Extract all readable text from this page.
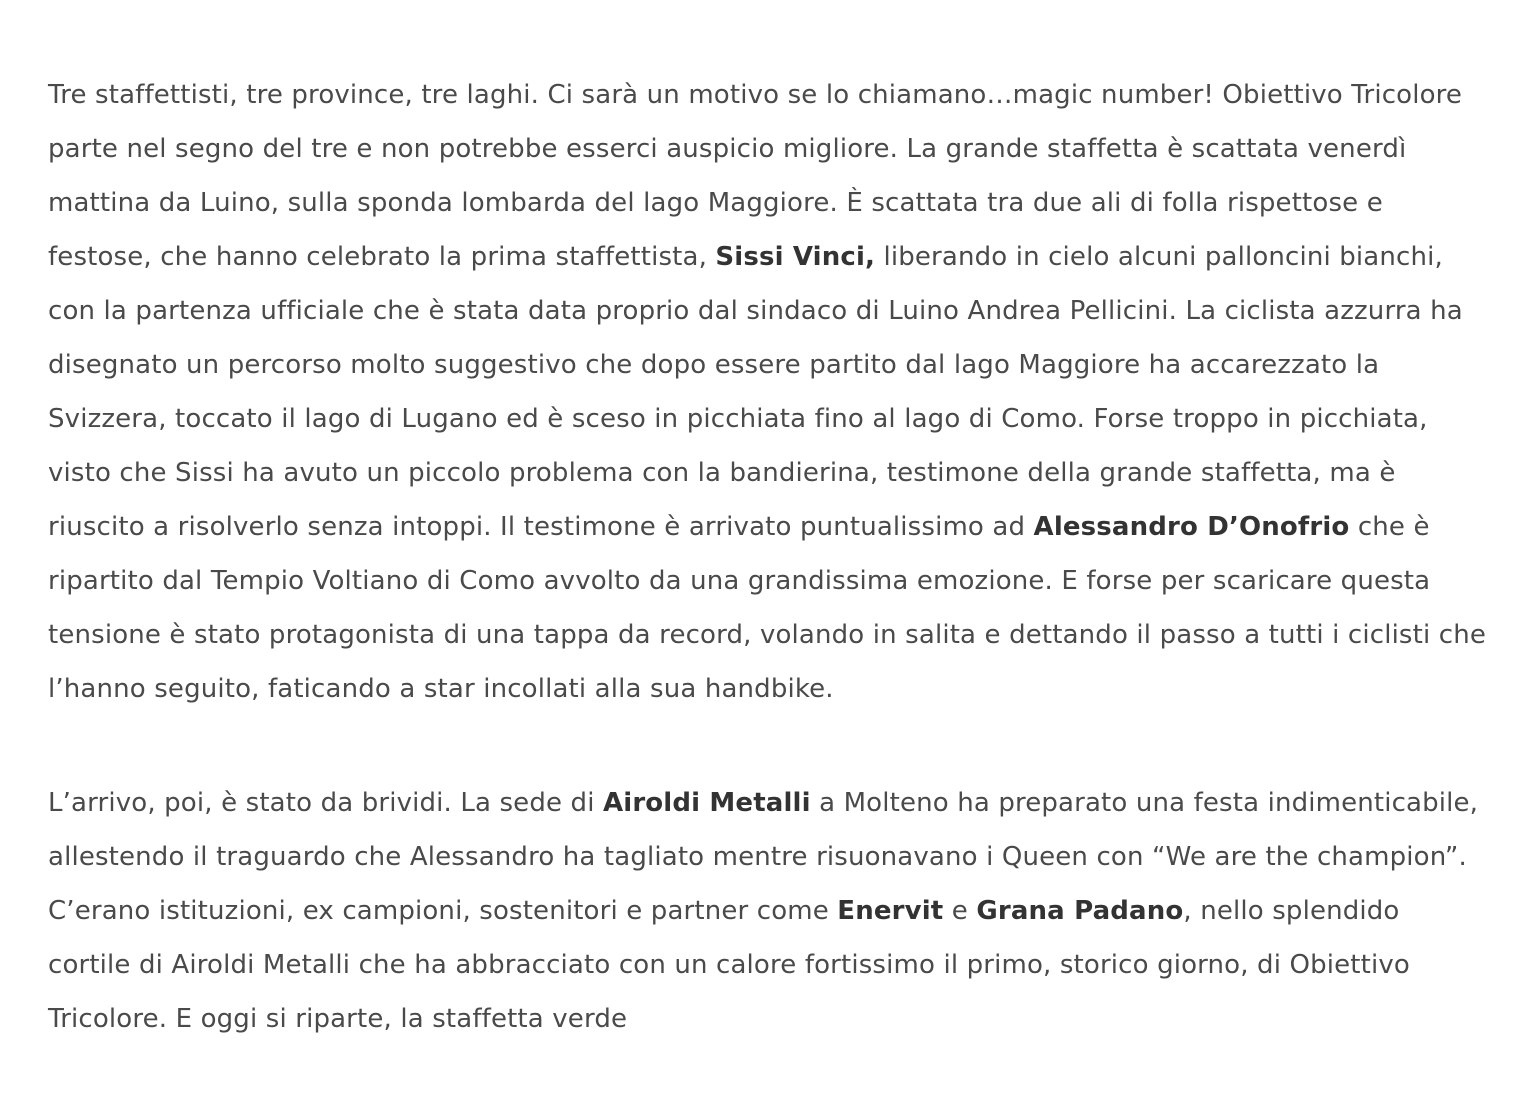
Tre staffettisti, tre province, tre laghi. Ci sarà un motivo se lo chiamano…magic number! Obiettivo Tricolore parte nel segno del tre e non potrebbe esserci auspicio migliore. La grande staffetta è scattata venerdì mattina da Luino, sulla sponda lombarda del lago Maggiore. È scattata tra due ali di folla rispettose e festose, che hanno celebrato la prima staffettista, Sissi Vinci, liberando in cielo alcuni palloncini bianchi, con la partenza ufficiale che è stata data proprio dal sindaco di Luino Andrea Pellicini. La ciclista azzurra ha disegnato un percorso molto suggestivo che dopo essere partito dal lago Maggiore ha accarezzato la Svizzera, toccato il lago di Lugano ed è sceso in picchiata fino al lago di Como. Forse troppo in picchiata, visto che Sissi ha avuto un piccolo problema con la bandierina, testimone della grande staffetta, ma è riuscito a risolverlo senza intoppi. Il testimone è arrivato puntualissimo ad Alessandro D’Onofrio che è ripartito dal Tempio Voltiano di Como avvolto da una grandissima emozione. E forse per scaricare questa tensione è stato protagonista di una tappa da record, volando in salita e dettando il passo a tutti i ciclisti che l’hanno seguito, faticando a star incollati alla sua handbike.

L’arrivo, poi, è stato da brividi. La sede di Airoldi Metalli a Molteno ha preparato una festa indimenticabile, allestendo il traguardo che Alessandro ha tagliato mentre risuonavano i Queen con “We are the champion”. C’erano istituzioni, ex campioni, sostenitori e partner come Enervit e Grana Padano, nello splendido cortile di Airoldi Metalli che ha abbracciato con un calore fortissimo il primo, storico giorno, di Obiettivo Tricolore. E oggi si riparte, la staffetta verde
